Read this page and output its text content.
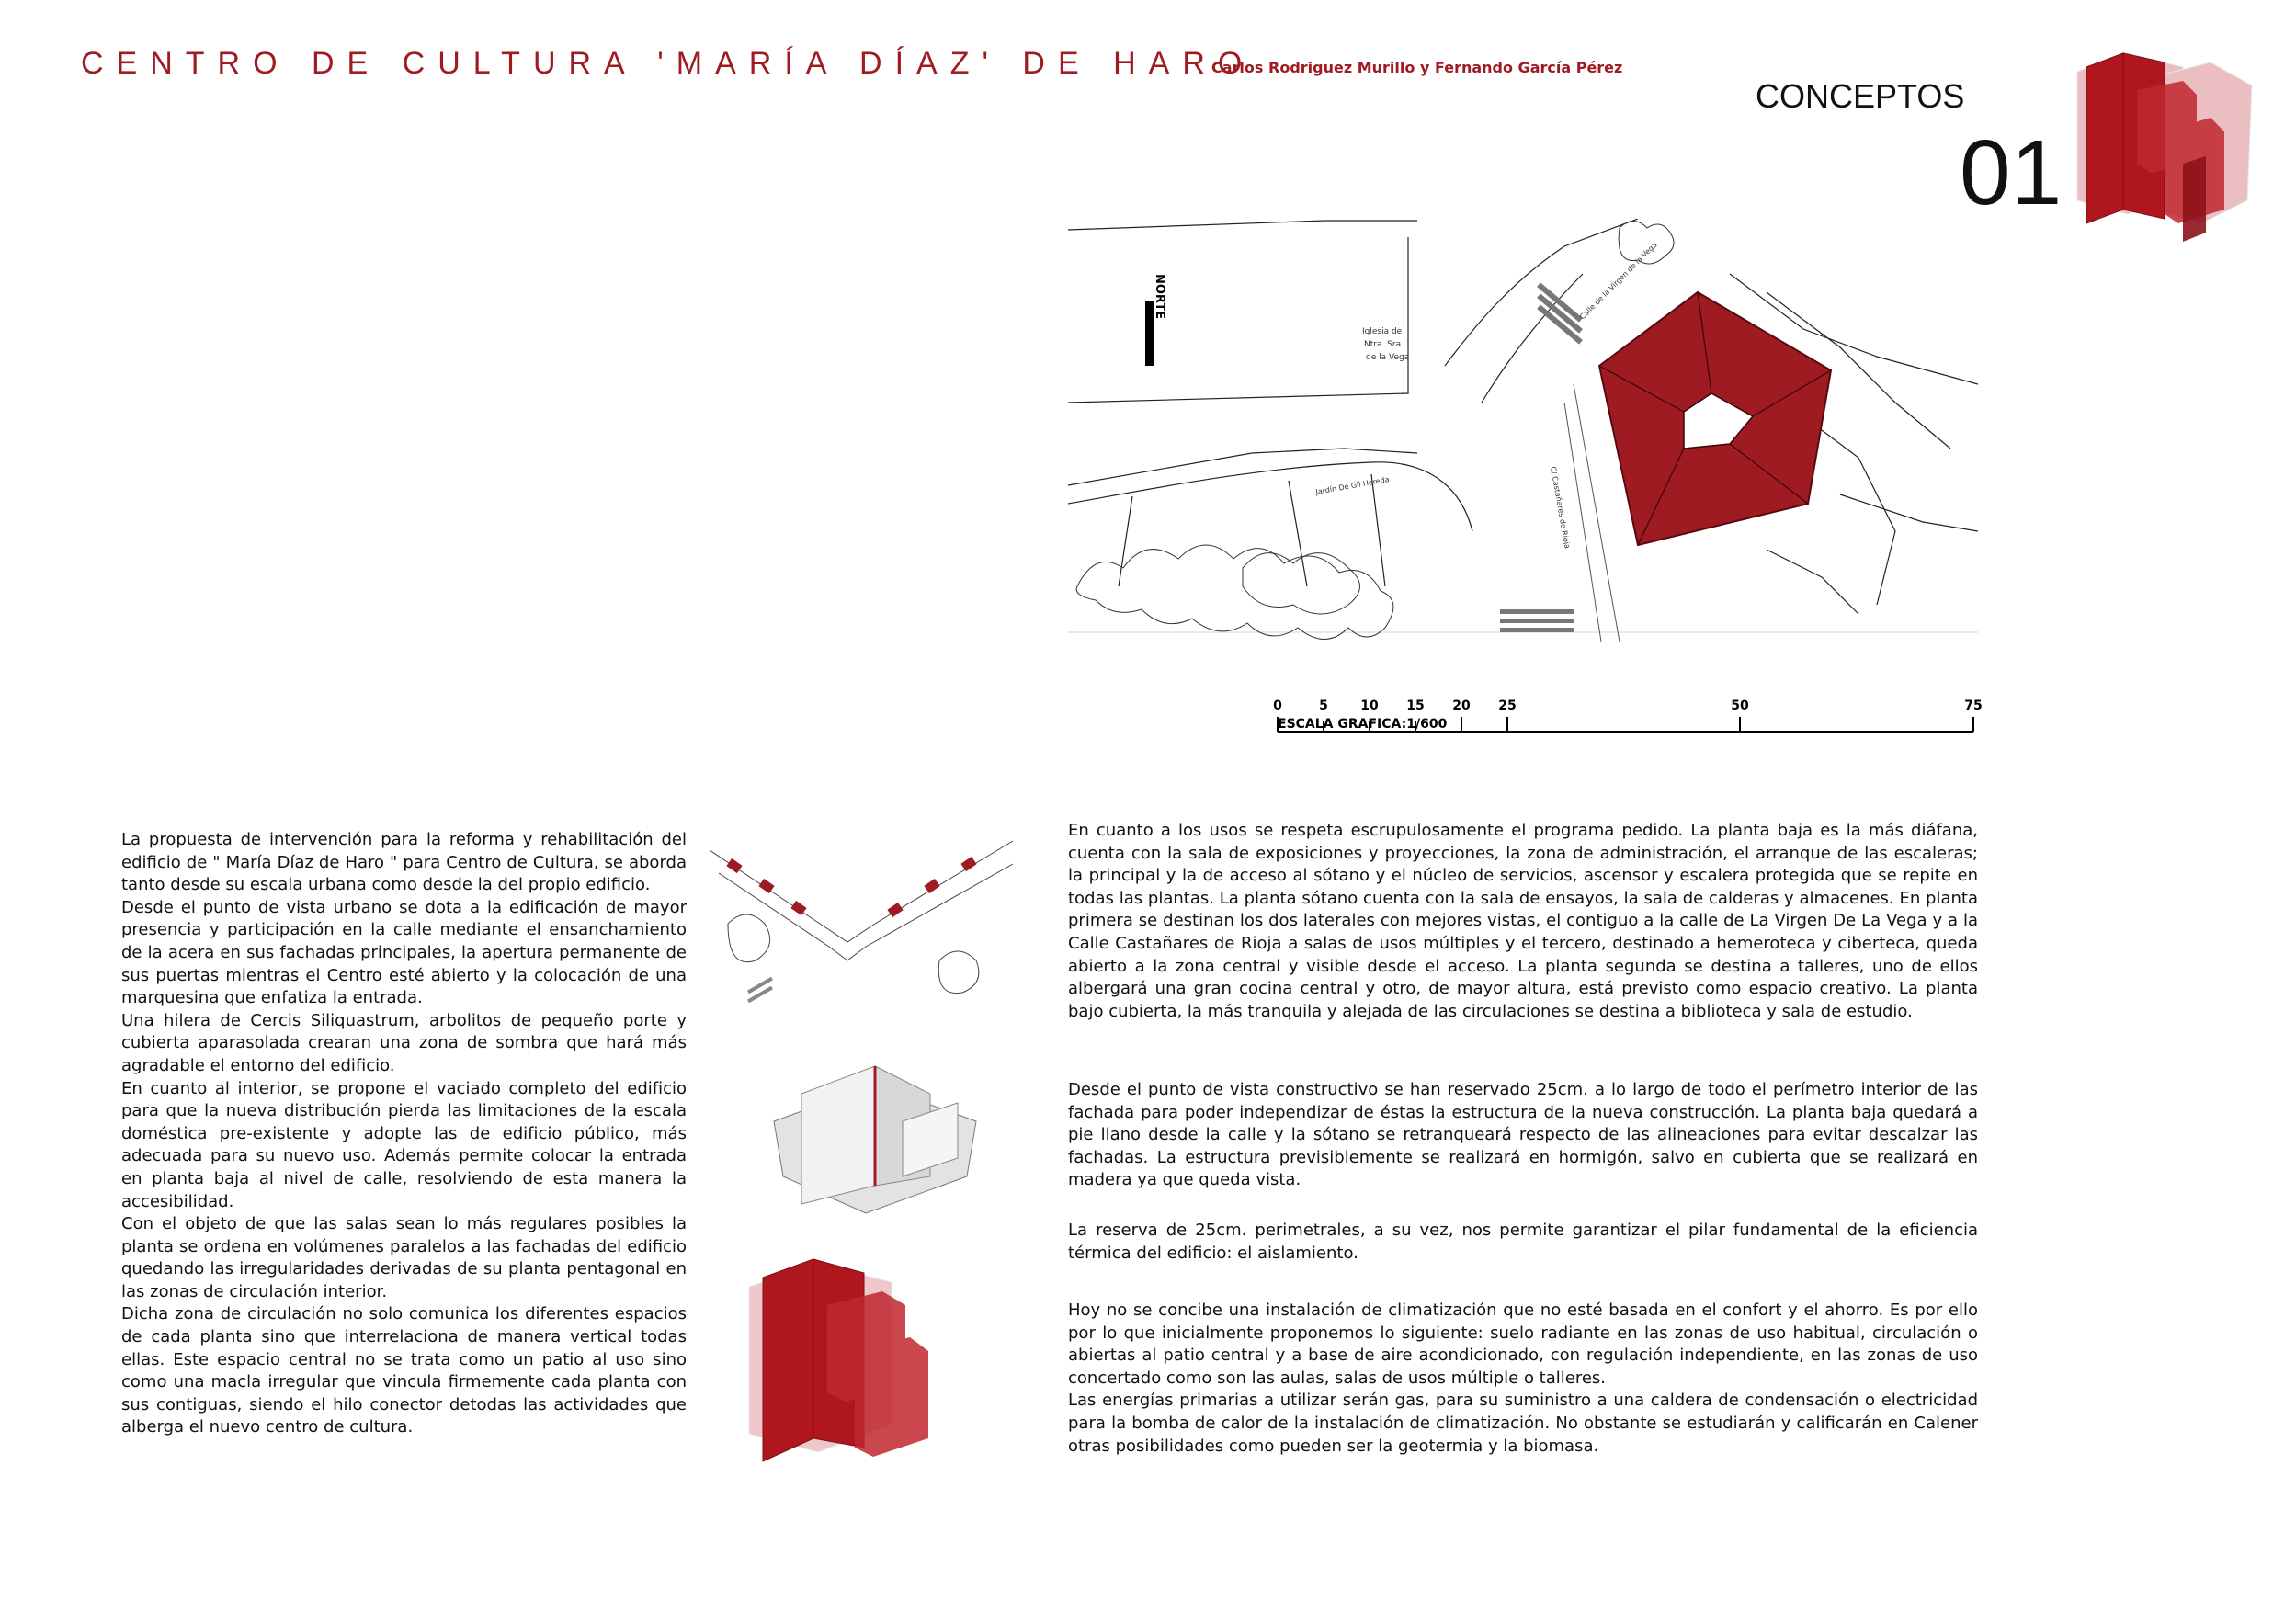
CENTRO DE CULTURA 'MARÍA DÍAZ' DE HARO
Carlos Rodriguez Murillo y Fernando García Pérez
CONCEPTOS
01
NORTE
Iglesia de
Ntra. Sra.
de la Vega
Calle de la Virgen de la Vega
Jardín De Gil Hereda	C/ Castañares de Rioja
0	5	10 15 20 25	50	75
ESCALA GRAFICA:1/600
La propuesta de intervención para la reforma y rehabilitación del edificio de " María Díaz de Haro " para Centro de Cultura, se aborda tanto desde su escala urbana como desde la del propio edificio.
Desde el punto de vista urbano se dota a la edificación de mayor presencia y participación en la calle mediante el ensanchamiento de la acera en sus fachadas principales, la apertura permanente de sus puertas mientras el Centro esté abierto y la colocación de una marquesina que enfatiza la entrada.
Una hilera de Cercis Siliquastrum, arbolitos de pequeño porte y cubierta aparasolada crearan una zona de sombra que hará más agradable el entorno del edificio.
En cuanto al interior, se propone el vaciado completo del edificio para que la nueva distribución pierda las limitaciones de la escala doméstica pre-existente y adopte las de edificio público, más adecuada para su nuevo uso. Además permite colocar la entrada en planta baja al nivel de calle, resolviendo de esta manera la accesibilidad.
Con el objeto de que las salas sean lo más regulares posibles la planta se ordena en volúmenes paralelos a las fachadas del edificio quedando las irregularidades derivadas de su planta pentagonal en las zonas de circulación interior.
Dicha zona de circulación no solo comunica los diferentes espacios de cada planta sino que interrelaciona de manera vertical todas ellas. Este espacio central no se trata como un patio al uso sino como una macla irregular que vincula firmemente cada planta con sus contiguas, siendo el hilo conector detodas las actividades que alberga el nuevo centro de cultura.
En cuanto a los usos se respeta escrupulosamente el programa pedido. La planta baja es la más diáfana, cuenta con la sala de exposiciones y proyecciones, la zona de administración, el arranque de las escaleras; la principal y la de acceso al sótano y el núcleo de servicios, ascensor y escalera protegida que se repite en todas las plantas. La planta sótano cuenta con la sala de ensayos, la sala de calderas y almacenes. En planta primera se destinan los dos laterales con mejores vistas, el contiguo a la calle de La Virgen De La Vega y a la Calle Castañares de Rioja a salas de usos múltiples y el tercero, destinado a hemeroteca y ciberteca, queda abierto a la zona central y visible desde el acceso. La planta segunda se destina a talleres, uno de ellos albergará una gran cocina central y otro, de mayor altura, está previsto como espacio creativo. La planta bajo cubierta, la más tranquila y alejada de las circulaciones se destina a biblioteca y sala de estudio.
Desde el punto de vista constructivo se han reservado 25cm. a lo largo de todo el perímetro interior de las fachada para poder independizar de éstas la estructura de la nueva construcción. La planta baja quedará a pie llano desde la calle y la sótano se retranqueará respecto de las alineaciones para evitar descalzar las fachadas. La estructura previsiblemente se realizará en hormigón, salvo en cubierta que se realizará en madera ya que queda vista.
La reserva de 25cm. perimetrales, a su vez, nos permite garantizar el pilar fundamental de la eficiencia térmica del edificio: el aislamiento.
Hoy no se concibe una instalación de climatización que no esté basada en el confort y el ahorro. Es por ello por lo que inicialmente proponemos lo siguiente: suelo radiante en las zonas de uso habitual, circulación o abiertas al patio central y a base de aire acondicionado, con regulación independiente, en las zonas de uso concertado como son las aulas, salas de usos múltiple o talleres.
Las energías primarias a utilizar serán gas, para su suministro a una caldera de condensación o electricidad para la bomba de calor de la instalación de climatización. No obstante se estudiarán y calificarán en Calener otras posibilidades como pueden ser la geotermia y la biomasa.
